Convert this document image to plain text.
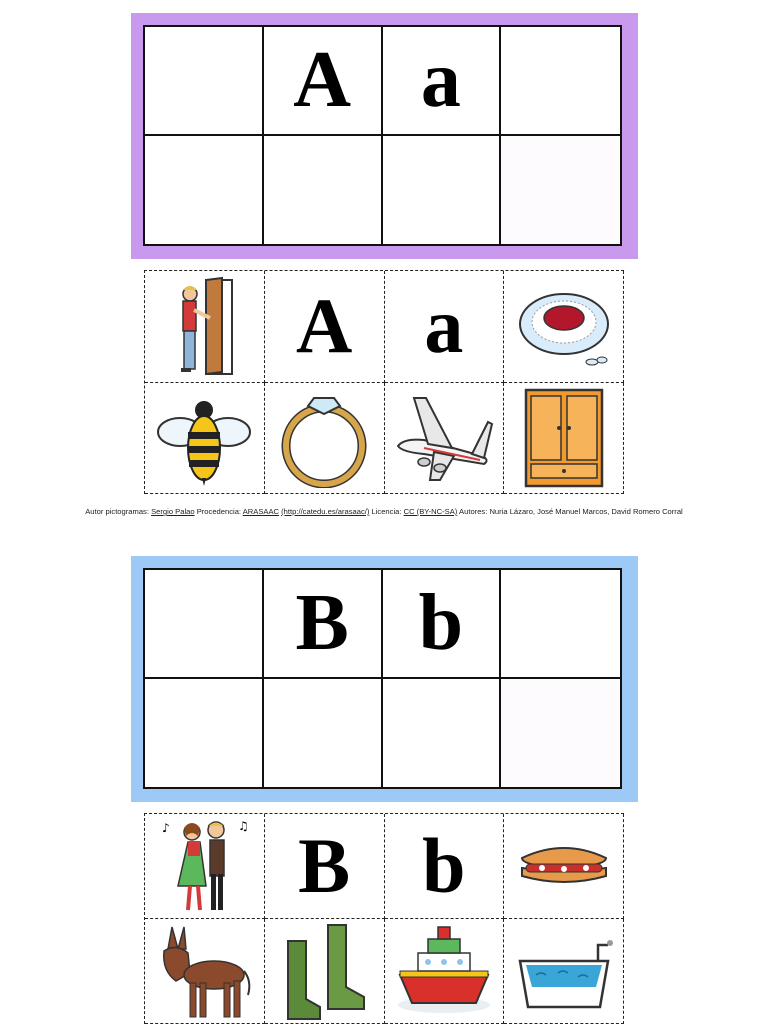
A a
A a
Autor pictogramas: Sergio Palao Procedencia: ARASAAC (http://catedu.es/arasaac/) Licencia: CC (BY-NC-SA) Autores: Nuria Lázaro, José Manuel Marcos, David Romero Corral
B b
♪	♫ B b
